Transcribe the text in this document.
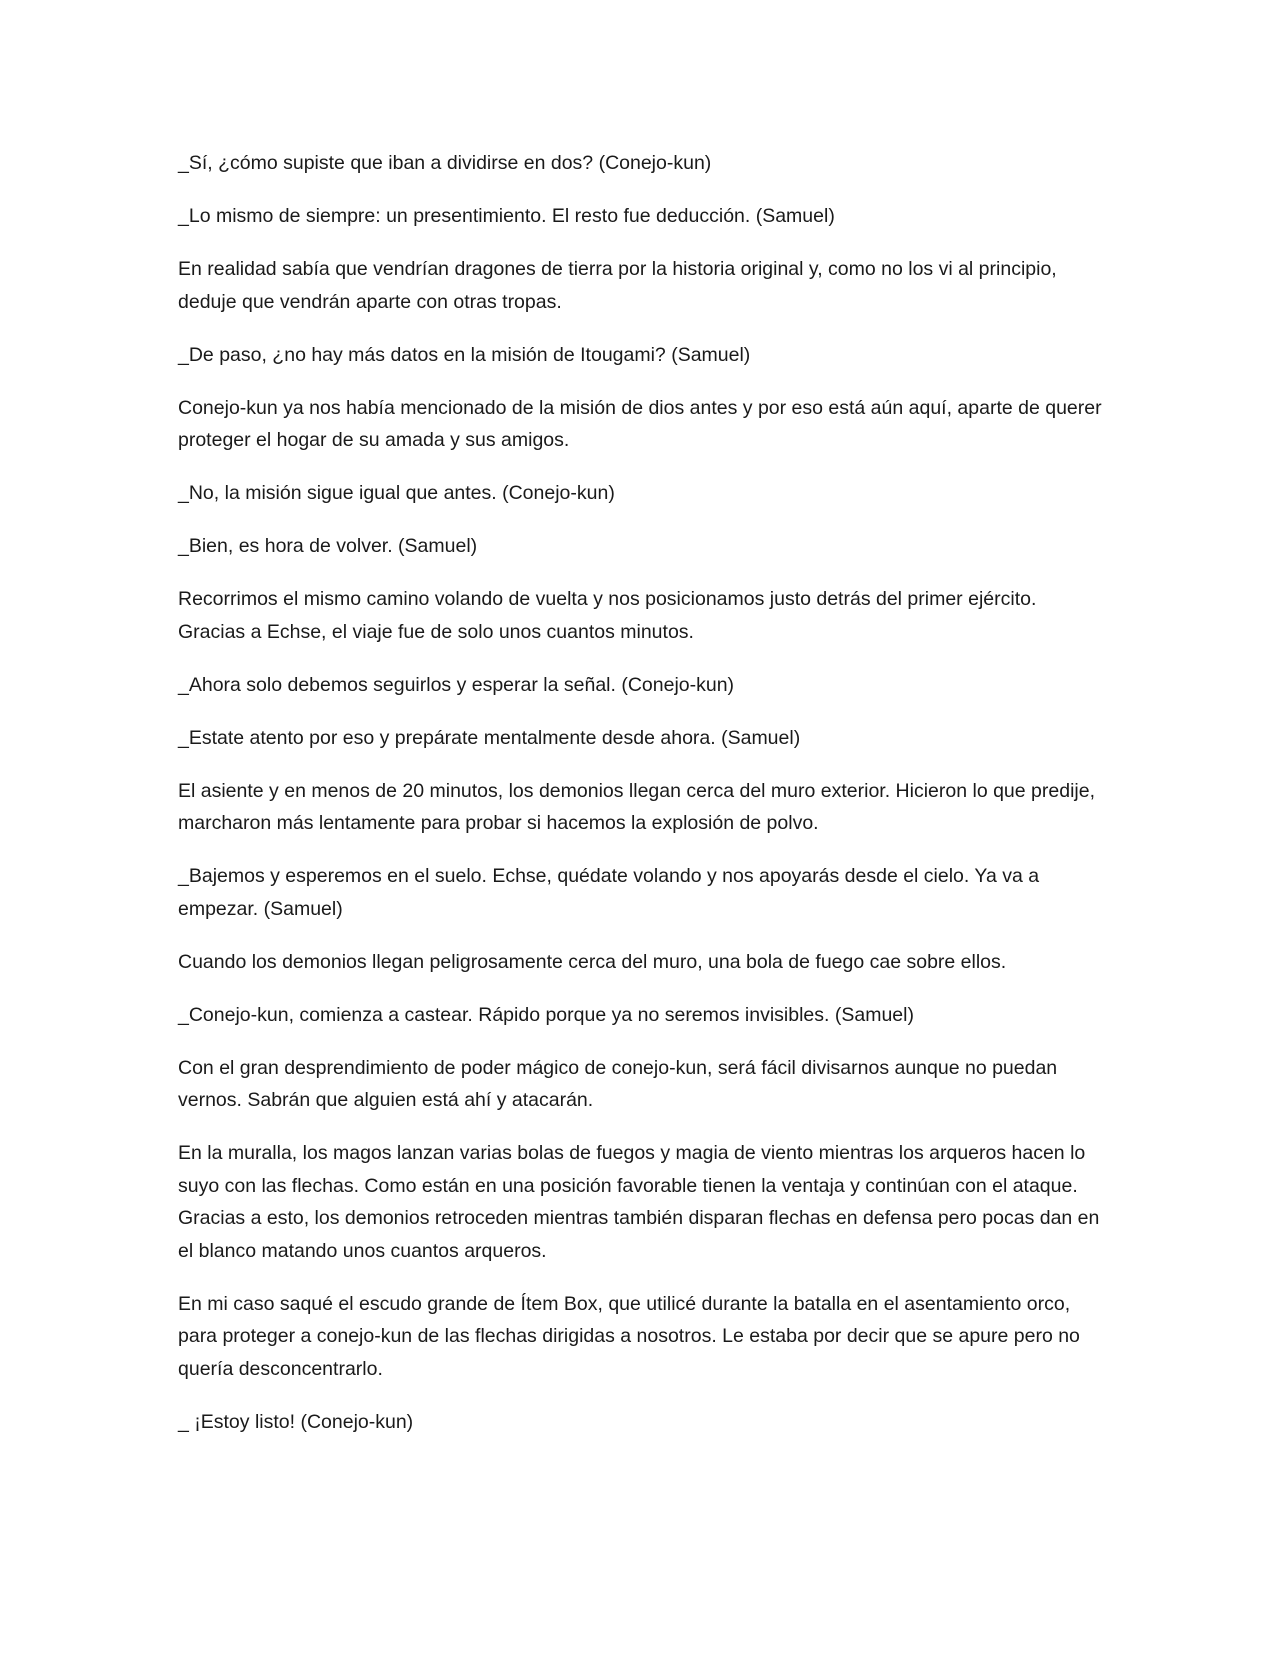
_Sí, ¿cómo supiste que iban a dividirse en dos? (Conejo-kun)

_Lo mismo de siempre: un presentimiento. El resto fue deducción. (Samuel)

En realidad sabía que vendrían dragones de tierra por la historia original y, como no los vi al principio, deduje que vendrán aparte con otras tropas.

_De paso, ¿no hay más datos en la misión de Itougami? (Samuel)

Conejo-kun ya nos había mencionado de la misión de dios antes y por eso está aún aquí, aparte de querer proteger el hogar de su amada y sus amigos.

_No, la misión sigue igual que antes. (Conejo-kun)

_Bien, es hora de volver. (Samuel)

Recorrimos el mismo camino volando de vuelta y nos posicionamos justo detrás del primer ejército. Gracias a Echse, el viaje fue de solo unos cuantos minutos.

_Ahora solo debemos seguirlos y esperar la señal. (Conejo-kun)

_Estate atento por eso y prepárate mentalmente desde ahora. (Samuel)

El asiente y en menos de 20 minutos, los demonios llegan cerca del muro exterior. Hicieron lo que predije, marcharon más lentamente para probar si hacemos la explosión de polvo.

_Bajemos y esperemos en el suelo. Echse, quédate volando y nos apoyarás desde el cielo. Ya va a empezar. (Samuel)

Cuando los demonios llegan peligrosamente cerca del muro, una bola de fuego cae sobre ellos.

_Conejo-kun, comienza a castear. Rápido porque ya no seremos invisibles. (Samuel)

Con el gran desprendimiento de poder mágico de conejo-kun, será fácil divisarnos aunque no puedan vernos. Sabrán que alguien está ahí y atacarán.

En la muralla, los magos lanzan varias bolas de fuegos y magia de viento mientras los arqueros hacen lo suyo con las flechas. Como están en una posición favorable tienen la ventaja y continúan con el ataque. Gracias a esto, los demonios retroceden mientras también disparan flechas en defensa pero pocas dan en el blanco matando unos cuantos arqueros.

En mi caso saqué el escudo grande de Ítem Box, que utilicé durante la batalla en el asentamiento orco, para proteger a conejo-kun de las flechas dirigidas a nosotros. Le estaba por decir que se apure pero no quería desconcentrarlo.

_ ¡Estoy listo! (Conejo-kun)
